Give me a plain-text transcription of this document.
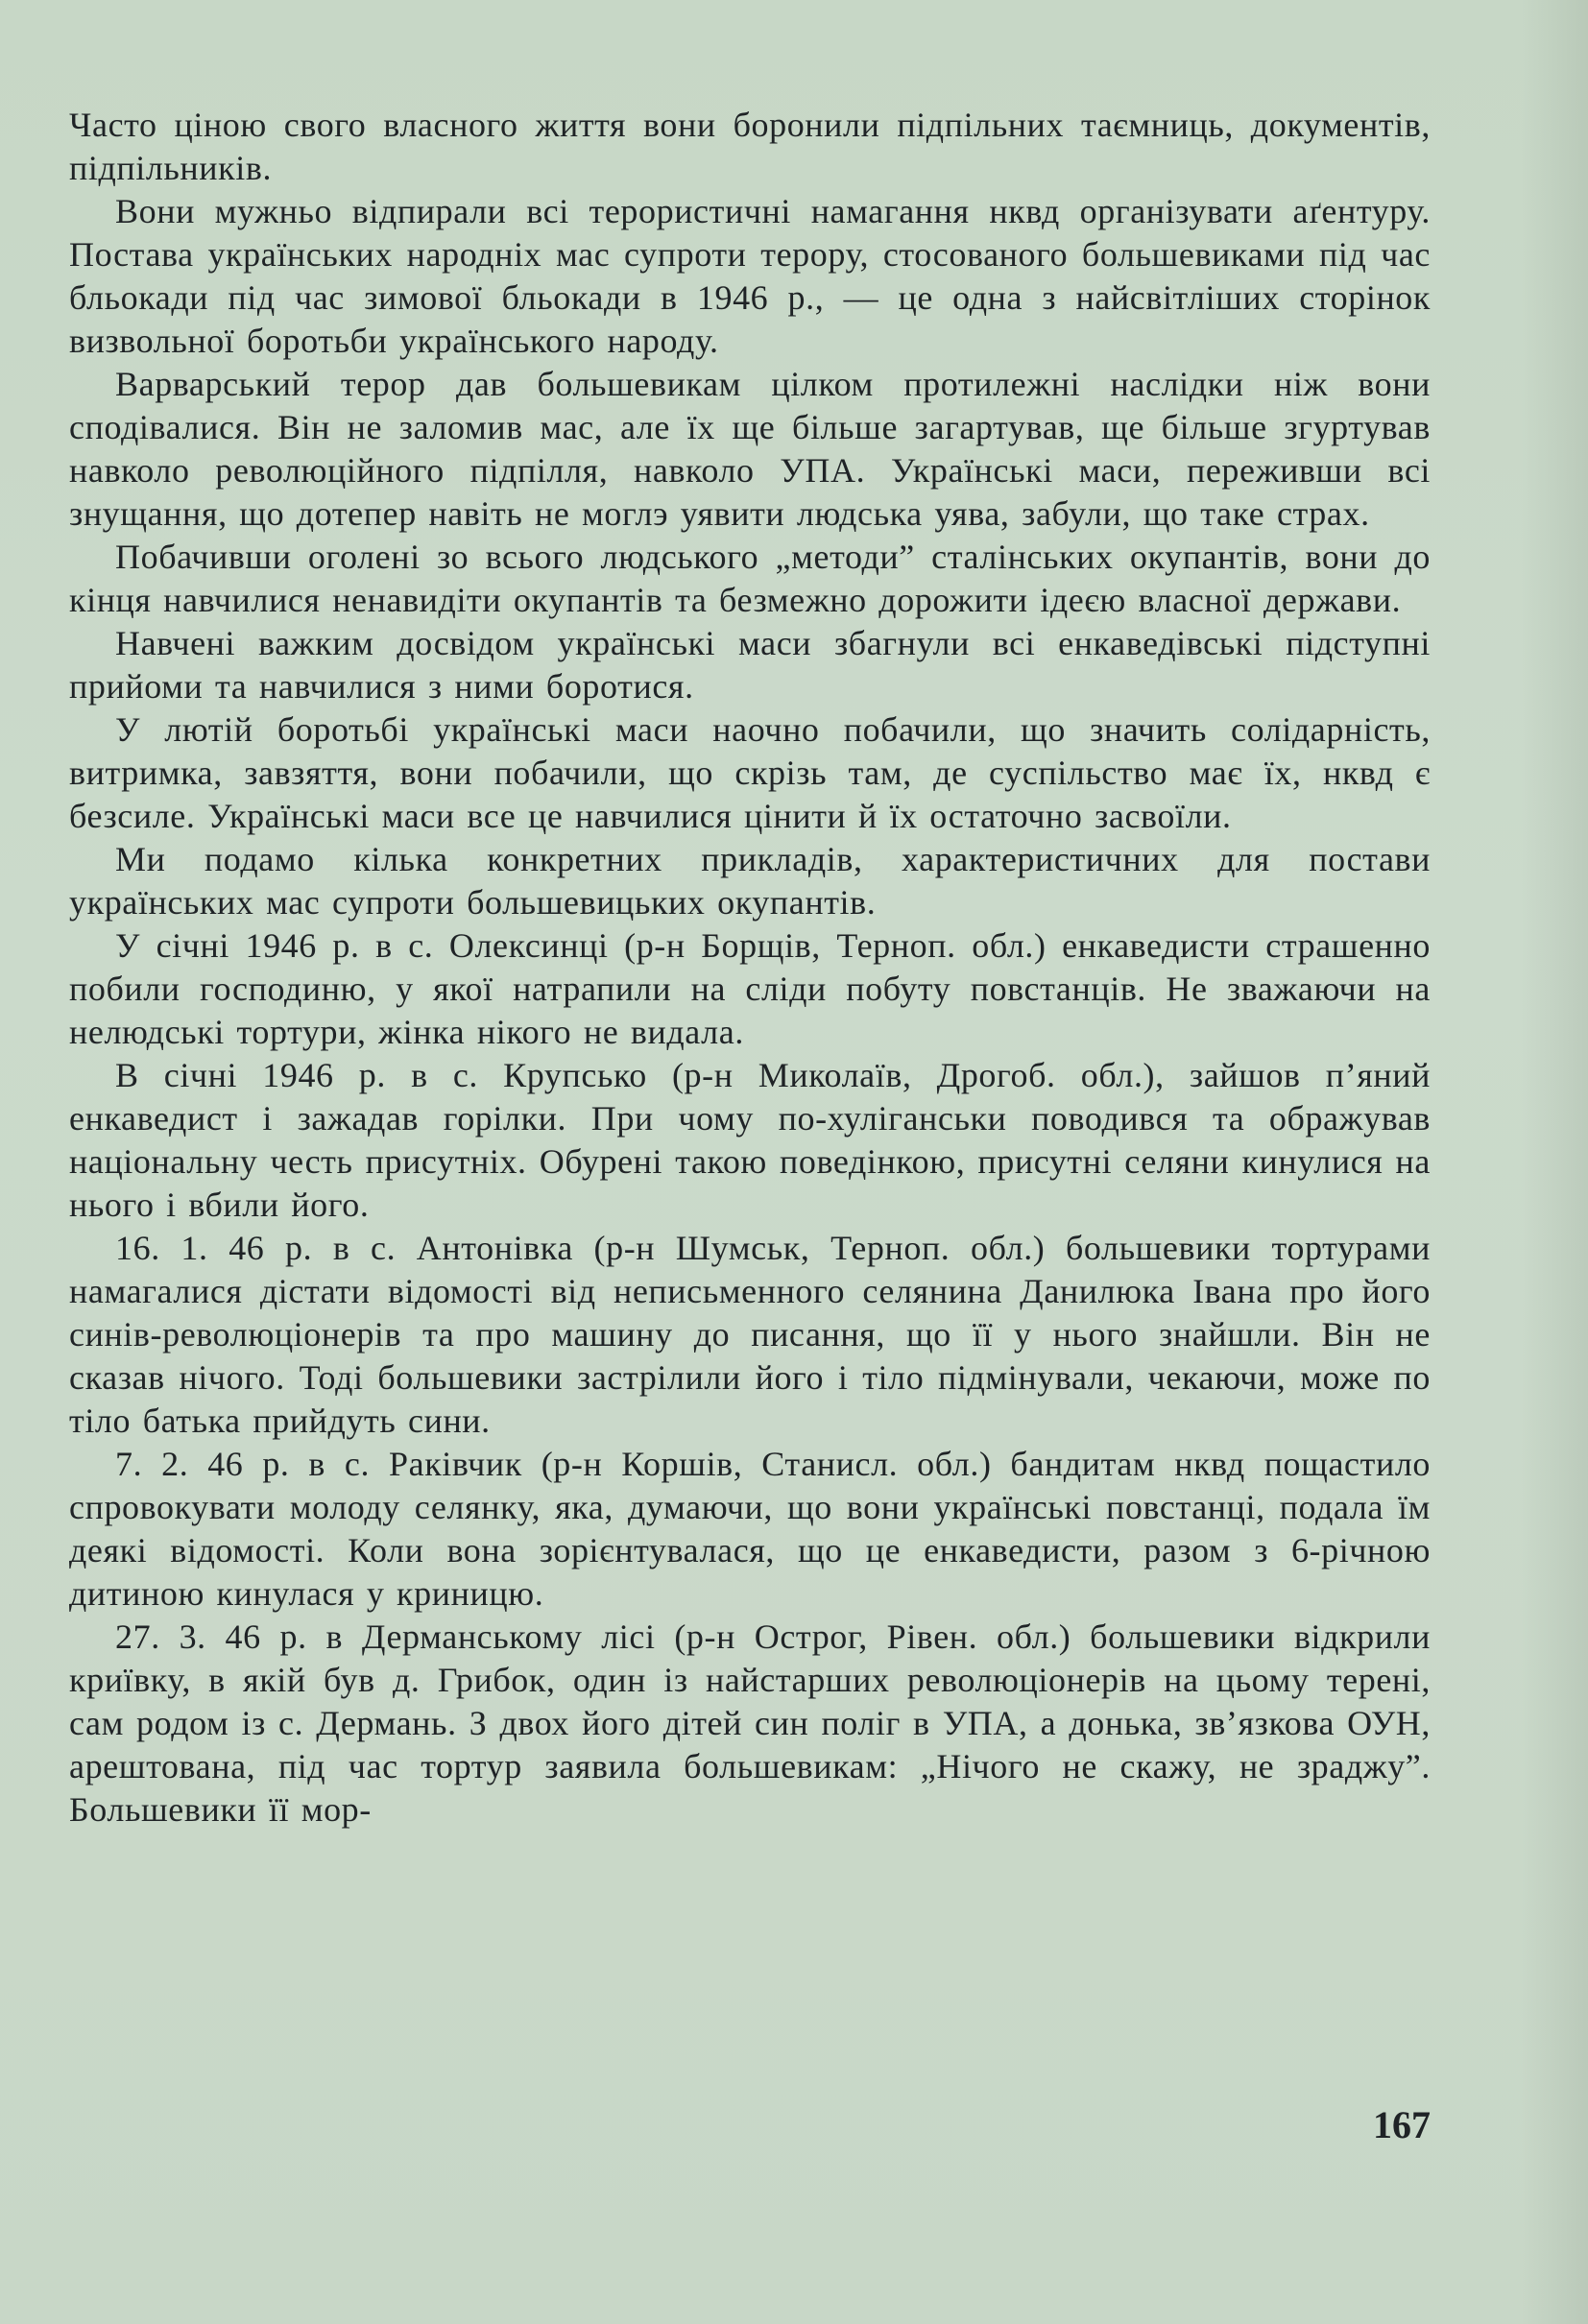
Часто ціною свого власного життя вони боронили підпільних таємниць, документів, підпільників.

Вони мужньо відпирали всі терористичні намагання нквд організувати аґентуру. Постава українських народніх мас супроти терору, стосованого большевиками під час бльокади під час зимової бльокади в 1946 р., — це одна з найсвітліших сторінок визвольної боротьби українського народу.

Варварський терор дав большевикам цілком протилежні наслідки ніж вони сподівалися. Він не заломив мас, але їх ще більше загартував, ще більше згуртував навколо революційного підпілля, навколо УПА. Українські маси, переживши всі знущання, що дотепер навіть не моглэ уявити людська уява, забули, що таке страх.

Побачивши оголені зо всього людського „методи” сталінських окупантів, вони до кінця навчилися ненавидіти окупантів та безмежно дорожити ідеєю власної держави.

Навчені важким досвідом українські маси збагнули всі енкаведівські підступні прийоми та навчилися з ними боротися.

У лютій боротьбі українські маси наочно побачили, що значить солідарність, витримка, завзяття, вони побачили, що скрізь там, де суспільство має їх, нквд є безсиле. Українські маси все це навчилися цінити й їх остаточно засвоїли.

Ми подамо кілька конкретних прикладів, характеристичних для постави українських мас супроти большевицьких окупантів.

У січні 1946 р. в с. Олексинці (р-н Борщів, Терноп. обл.) енкаведисти страшенно побили господиню, у якої натрапили на сліди побуту повстанців. Не зважаючи на нелюдські тортури, жінка нікого не видала.

В січні 1946 р. в с. Крупсько (р-н Миколаїв, Дрогоб. обл.), зайшов п’яний енкаведист і зажадав горілки. При чому по-хуліганськи поводився та ображував національну честь присутніх. Обурені такою поведінкою, присутні селяни кинулися на нього і вбили його.

16. 1. 46 р. в с. Антонівка (р-н Шумськ, Терноп. обл.) большевики тортурами намагалися дістати відомості від неписьменного селянина Данилюка Івана про його синів-революціонерів та про машину до писання, що її у нього знайшли. Він не сказав нічого. Тоді большевики застрілили його і тіло підмінували, чекаючи, може по тіло батька прийдуть сини.

7. 2. 46 р. в с. Раківчик (р-н Коршів, Станисл. обл.) бандитам нквд пощастило спровокувати молоду селянку, яка, думаючи, що вони українські повстанці, подала їм деякі відомості. Коли вона зорієнтувалася, що це енкаведисти, разом з 6-річною дитиною кинулася у криницю.

27. 3. 46 р. в Дерманському лісі (р-н Острог, Рівен. обл.) большевики відкрили криївку, в якій був д. Грибок, один із найстарших революціонерів на цьому терені, сам родом із с. Дермань. З двох його дітей син поліг в УПА, а донька, зв’язкова ОУН, арештована, під час тортур заявила большевикам: „Нічого не скажу, не зраджу”. Большевики її мор-

167
